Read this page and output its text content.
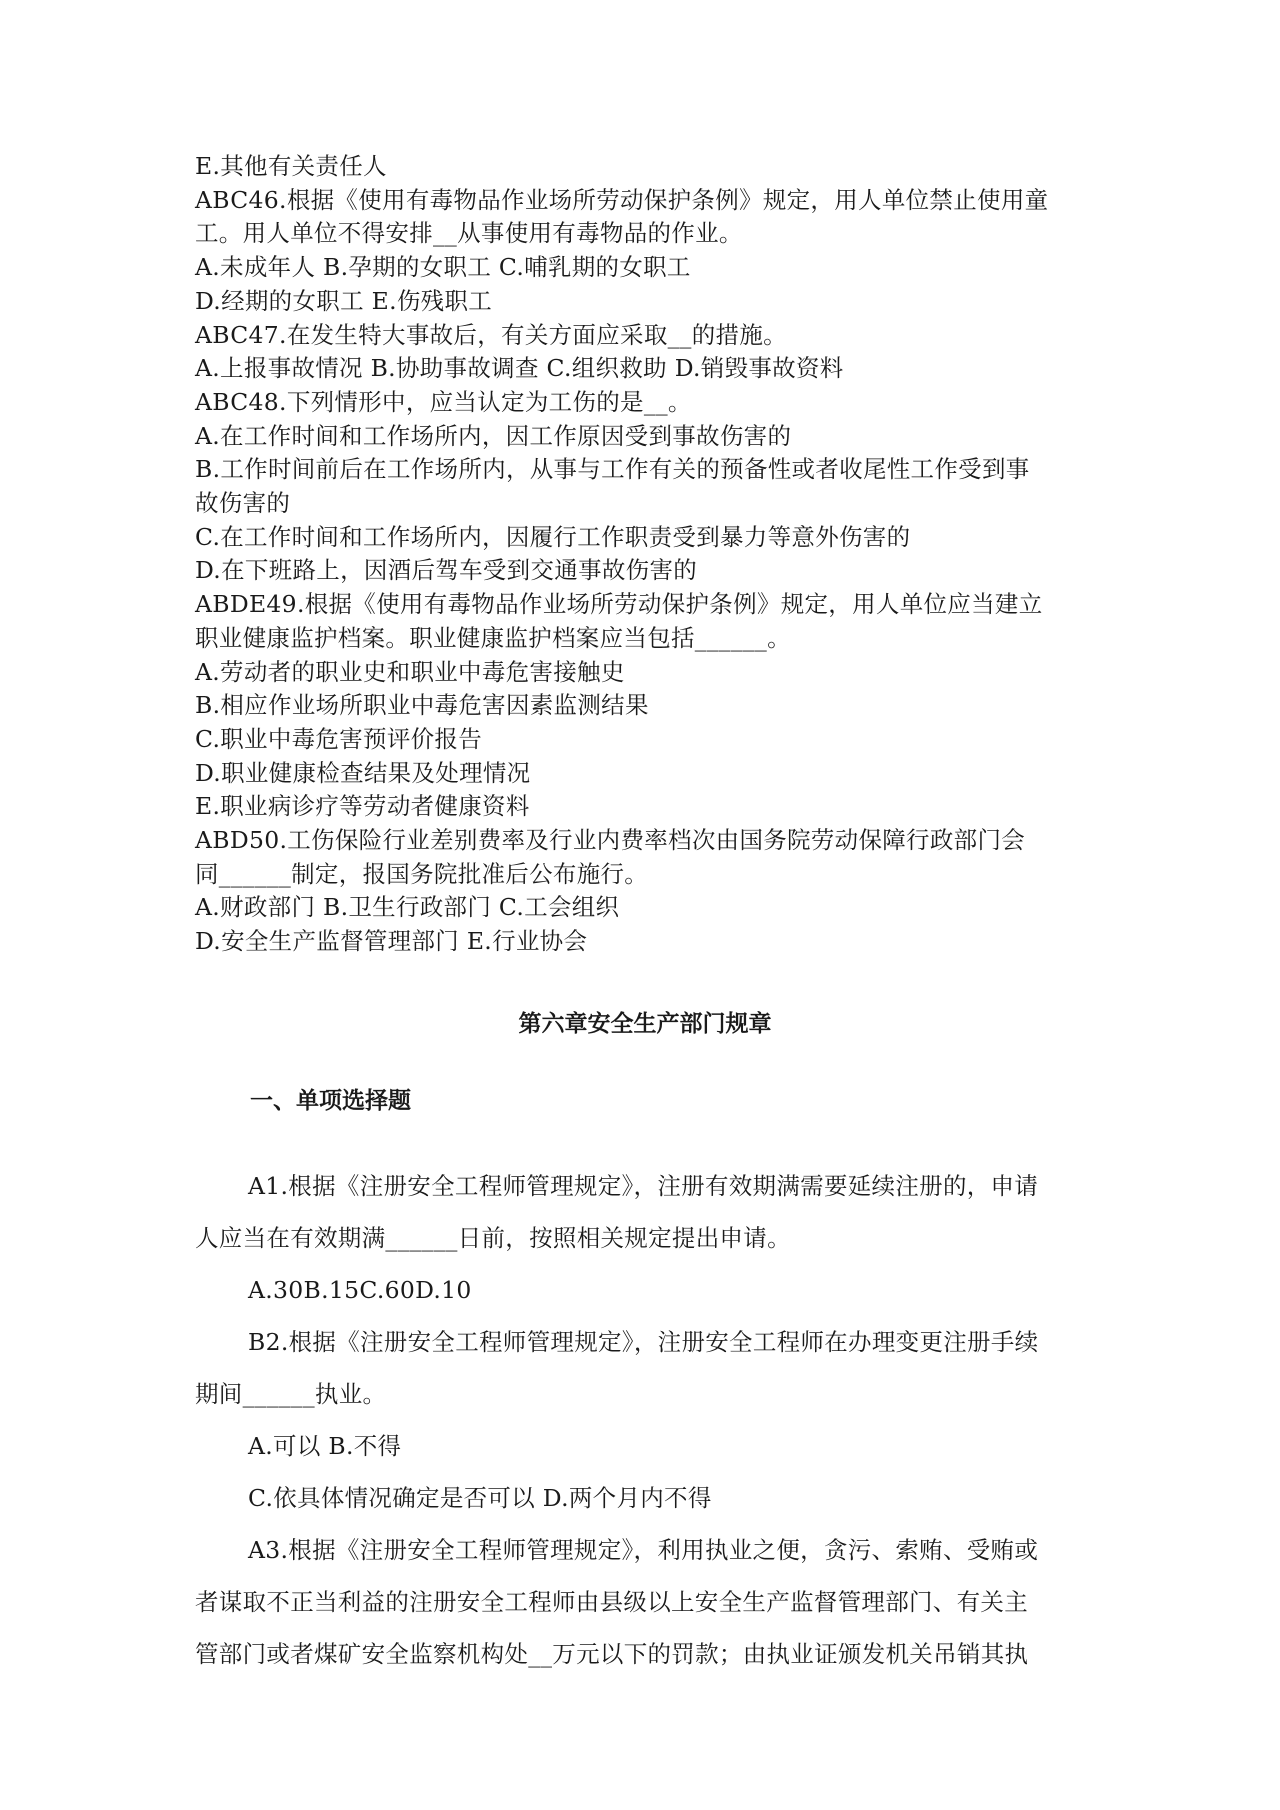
E.其他有关责任人

ABC46.根据《使用有毒物品作业场所劳动保护条例》规定，用人单位禁止使用童

工。用人单位不得安排__从事使用有毒物品的作业。

A.未成年人 B.孕期的女职工 C.哺乳期的女职工

D.经期的女职工 E.伤残职工

ABC47.在发生特大事故后，有关方面应采取__的措施。

A.上报事故情况 B.协助事故调查 C.组织救助 D.销毁事故资料

ABC48.下列情形中，应当认定为工伤的是__。

A.在工作时间和工作场所内，因工作原因受到事故伤害的

B.工作时间前后在工作场所内，从事与工作有关的预备性或者收尾性工作受到事

故伤害的

C.在工作时间和工作场所内，因履行工作职责受到暴力等意外伤害的

D.在下班路上，因酒后驾车受到交通事故伤害的

ABDE49.根据《使用有毒物品作业场所劳动保护条例》规定，用人单位应当建立

职业健康监护档案。职业健康监护档案应当包括______。

A.劳动者的职业史和职业中毒危害接触史

B.相应作业场所职业中毒危害因素监测结果

C.职业中毒危害预评价报告

D.职业健康检查结果及处理情况

E.职业病诊疗等劳动者健康资料

ABD50.工伤保险行业差别费率及行业内费率档次由国务院劳动保障行政部门会

同______制定，报国务院批准后公布施行。

A.财政部门 B.卫生行政部门 C.工会组织

D.安全生产监督管理部门 E.行业协会

第六章安全生产部门规章
一、单项选择题

A1.根据《注册安全工程师管理规定》，注册有效期满需要延续注册的，申请

人应当在有效期满______日前，按照相关规定提出申请。

A.30B.15C.60D.10

B2.根据《注册安全工程师管理规定》，注册安全工程师在办理变更注册手续

期间______执业。

A.可以 B.不得

C.依具体情况确定是否可以 D.两个月内不得

A3.根据《注册安全工程师管理规定》，利用执业之便，贪污、索贿、受贿或

者谋取不正当利益的注册安全工程师由县级以上安全生产监督管理部门、有关主

管部门或者煤矿安全监察机构处__万元以下的罚款；由执业证颁发机关吊销其执
